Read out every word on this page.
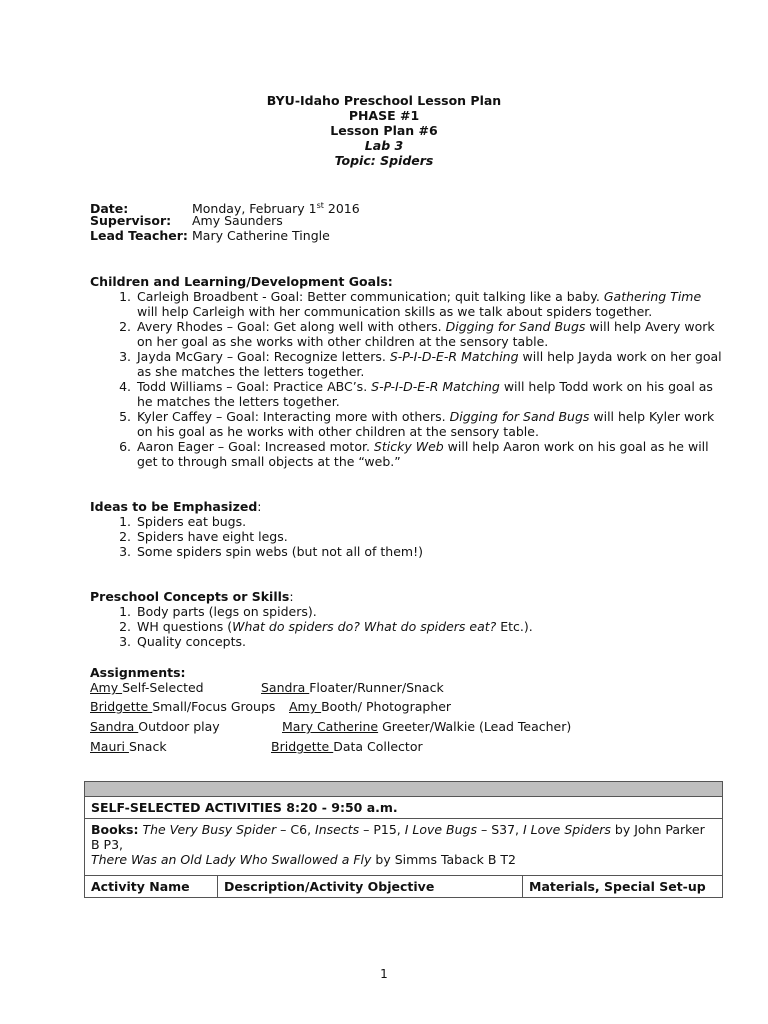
BYU-Idaho Preschool Lesson Plan
PHASE #1
Lesson Plan #6
Lab 3
Topic: Spiders
Date:	Monday, February 1st 2016
Supervisor: Amy Saunders
Lead Teacher: Mary Catherine Tingle
Children and Learning/Development Goals:
1. Carleigh Broadbent - Goal: Better communication; quit talking like a baby. Gathering Time will help Carleigh with her communication skills as we talk about spiders together.
2. Avery Rhodes – Goal: Get along well with others. Digging for Sand Bugs will help Avery work on her goal as she works with other children at the sensory table.
3. Jayda McGary – Goal: Recognize letters. S-P-I-D-E-R Matching will help Jayda work on her goal as she matches the letters together.
4. Todd Williams – Goal: Practice ABC’s. S-P-I-D-E-R Matching will help Todd work on his goal as he matches the letters together.
5. Kyler Caffey – Goal: Interacting more with others. Digging for Sand Bugs will help Kyler work on his goal as he works with other children at the sensory table.
6. Aaron Eager – Goal: Increased motor. Sticky Web will help Aaron work on his goal as he will get to through small objects at the “web.”
Ideas to be Emphasized:
1. Spiders eat bugs.
2. Spiders have eight legs.
3. Some spiders spin webs (but not all of them!)
Preschool Concepts or Skills:
1. Body parts (legs on spiders).
2. WH questions (What do spiders do? What do spiders eat? Etc.).
3. Quality concepts.
Assignments:
Amy Self-Selected	Sandra Floater/Runner/Snack
Bridgette Small/Focus Groups Amy Booth/ Photographer
Sandra Outdoor play	Mary Catherine Greeter/Walkie (Lead Teacher)
Mauri Snack	Bridgette Data Collector

SELF-SELECTED ACTIVITIES 8:20 - 9:50 a.m.
Books: The Very Busy Spider – C6, Insects – P15, I Love Bugs – S37, I Love Spiders by John Parker B P3,
There Was an Old Lady Who Swallowed a Fly by Simms Taback B T2
Activity Name	Description/Activity Objective	Materials, Special Set-up
1
